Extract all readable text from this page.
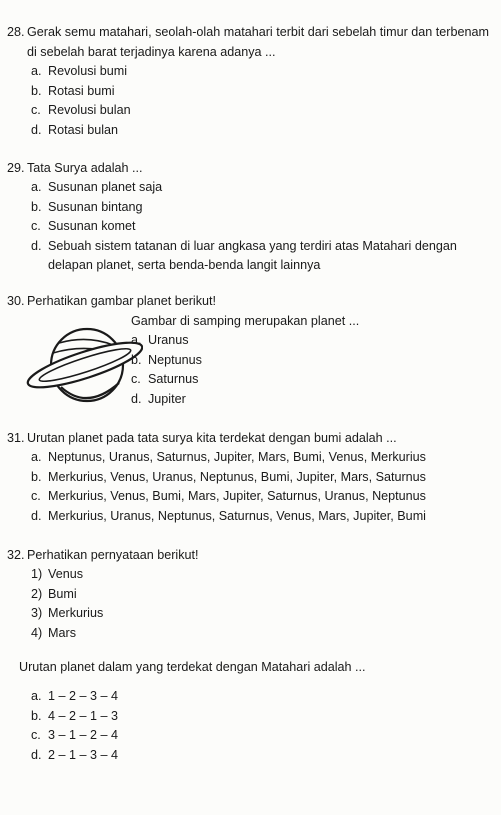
28. Gerak semu matahari, seolah-olah matahari terbit dari sebelah timur dan terbenam di sebelah barat terjadinya karena adanya ...
a. Revolusi bumi
b. Rotasi bumi
c. Revolusi bulan
d. Rotasi bulan
29. Tata Surya adalah ...
a. Susunan planet saja
b. Susunan bintang
c. Susunan komet
d. Sebuah sistem tatanan di luar angkasa yang terdiri atas Matahari dengan delapan planet, serta benda-benda langit lainnya
30. Perhatikan gambar planet berikut!
Gambar di samping merupakan planet ...
a. Uranus
b. Neptunus
c. Saturnus
d. Jupiter
31. Urutan planet pada tata surya kita terdekat dengan bumi adalah ...
a. Neptunus, Uranus, Saturnus, Jupiter, Mars, Bumi, Venus, Merkurius
b. Merkurius, Venus, Uranus, Neptunus, Bumi, Jupiter, Mars, Saturnus
c. Merkurius, Venus, Bumi, Mars, Jupiter, Saturnus, Uranus, Neptunus
d. Merkurius, Uranus, Neptunus, Saturnus, Venus, Mars, Jupiter, Bumi
32. Perhatikan pernyataan berikut!
1) Venus
2) Bumi
3) Merkurius
4) Mars
Urutan planet dalam yang terdekat dengan Matahari adalah ...
a. 1 – 2 – 3 – 4
b. 4 – 2 – 1 – 3
c. 3 – 1 – 2 – 4
d. 2 – 1 – 3 – 4
